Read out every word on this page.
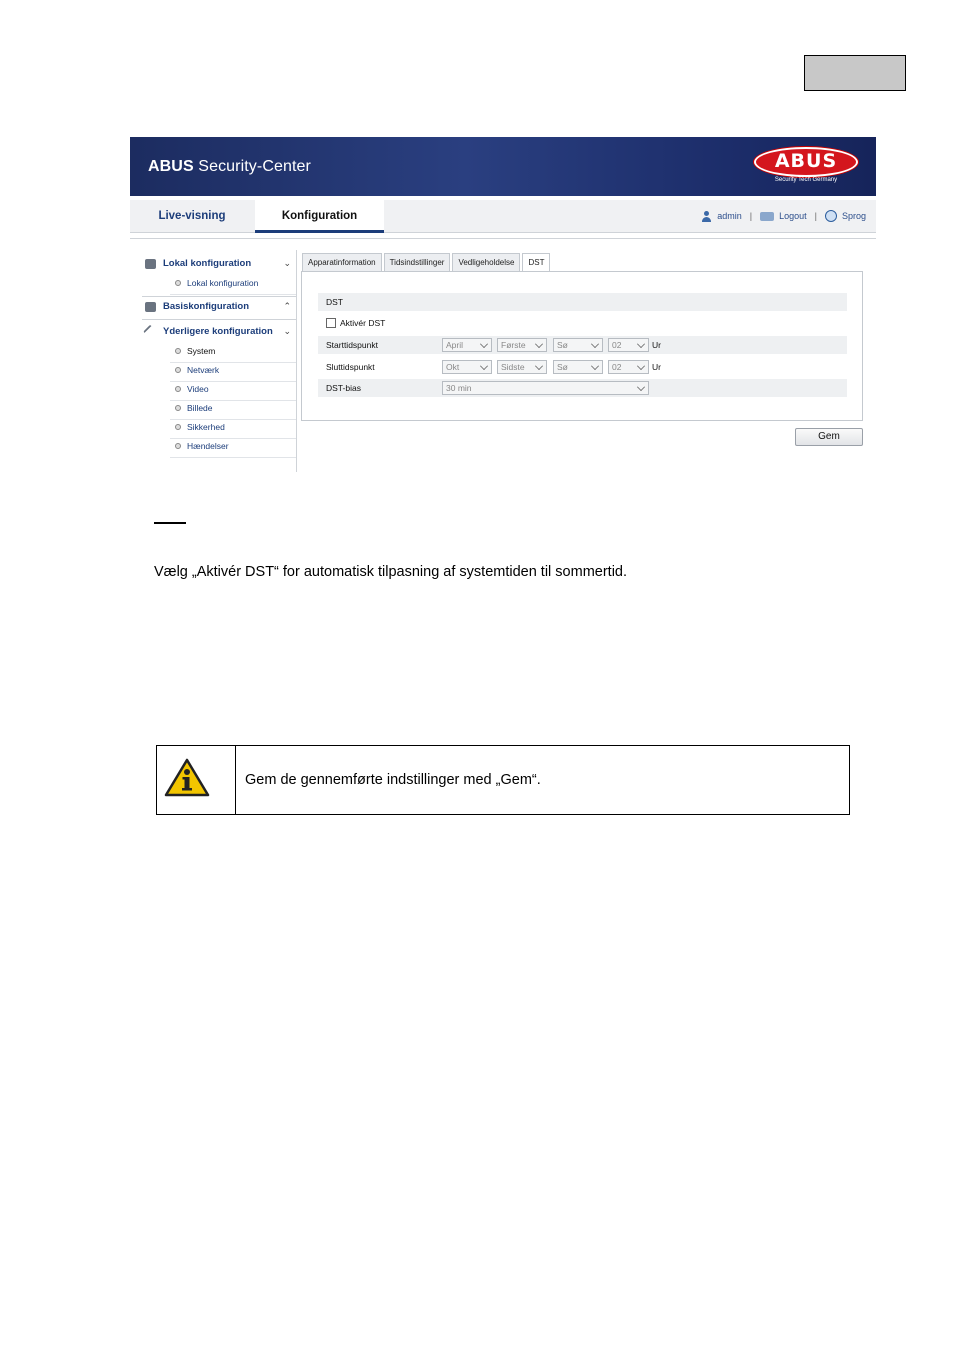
ABUS Security-Center	ABUS
Security Tech Germany
Live-visning	Konfiguration	admin |	Logout |	Sprog
Lokal konfiguration	⌄
Lokal konfiguration
Basiskonfiguration	⌃
Yderligere konfiguration ⌄
System
Netværk
Video
Billede
Sikkerhed
Hændelser
Apparatinformation	Tidsindstillinger	Vedligeholdelse	DST
DST
Aktivér DST
Starttidspunkt	April	Første	Sø	02	Ur
Sluttidspunkt	Okt	Sidste	Sø	02	Ur
DST-bias	30 min
Gem
Vælg „Aktivér DST“ for automatisk tilpasning af systemtiden til sommertid.
Gem de gennemførte indstillinger med „Gem“.
